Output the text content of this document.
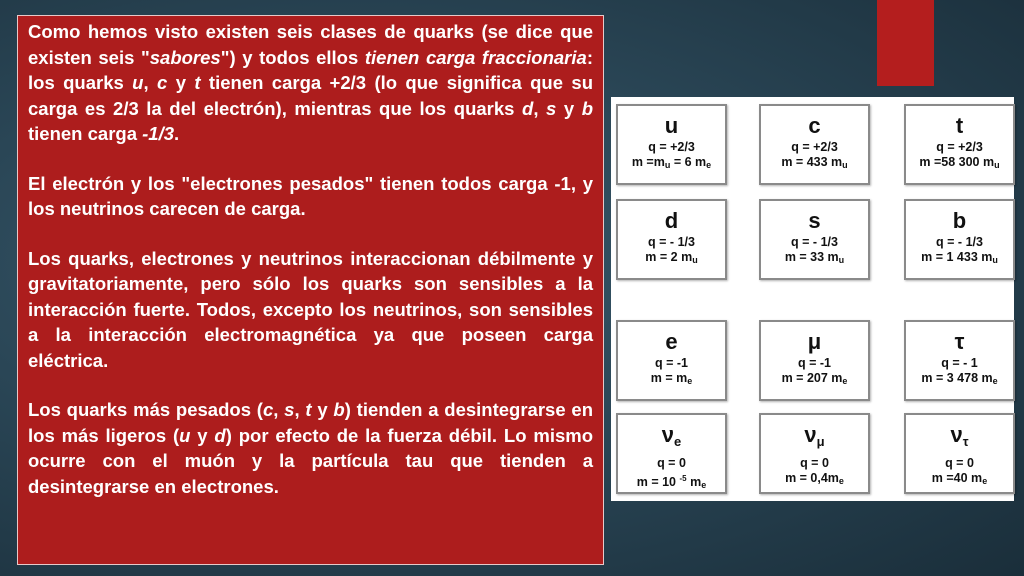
Como hemos visto existen seis clases de quarks (se dice que existen seis "sabores") y todos ellos tienen carga fraccionaria: los quarks u, c y t tienen carga +2/3 (lo que significa que su carga es 2/3 la del electrón), mientras que los quarks d, s y b tienen carga -1/3.

El electrón y los "electrones pesados" tienen todos carga -1, y los neutrinos carecen de carga.

Los quarks, electrones y neutrinos interaccionan débilmente y gravitatoriamente, pero sólo los quarks son sensibles a la interacción fuerte. Todos, excepto los neutrinos, son sensibles a la interacción electromagnética ya que poseen carga eléctrica.

Los quarks más pesados (c, s, t y b) tienden a desintegrarse en los más ligeros (u y d) por efecto de la fuerza débil. Lo mismo ocurre con el muón y la partícula tau que tienden a desintegrarse en electrones.

u
q = +2/3
$m =m_u = 6$ $m_e$
c
q = +2/3
m = 433 $m_u$
t
q = +2/3
m =58 300 $m_u$
d
q = - 1/3
m = 2 $m_u$
s
q = - 1/3
m = 33 $m_u$
b
q = - 1/3
m = 1 433 $m_u$
e
q = -1
$m = m_e$
μ
q = -1
m = 207 $m_e$
τ
q = - 1
m = 3 478 $m_e$
νe
q = 0
m = 10 $^{-5}$ $m_e$
νμ
q = 0
$m = 0,4m_e$
ντ
q = 0
m =40 $m_e$
